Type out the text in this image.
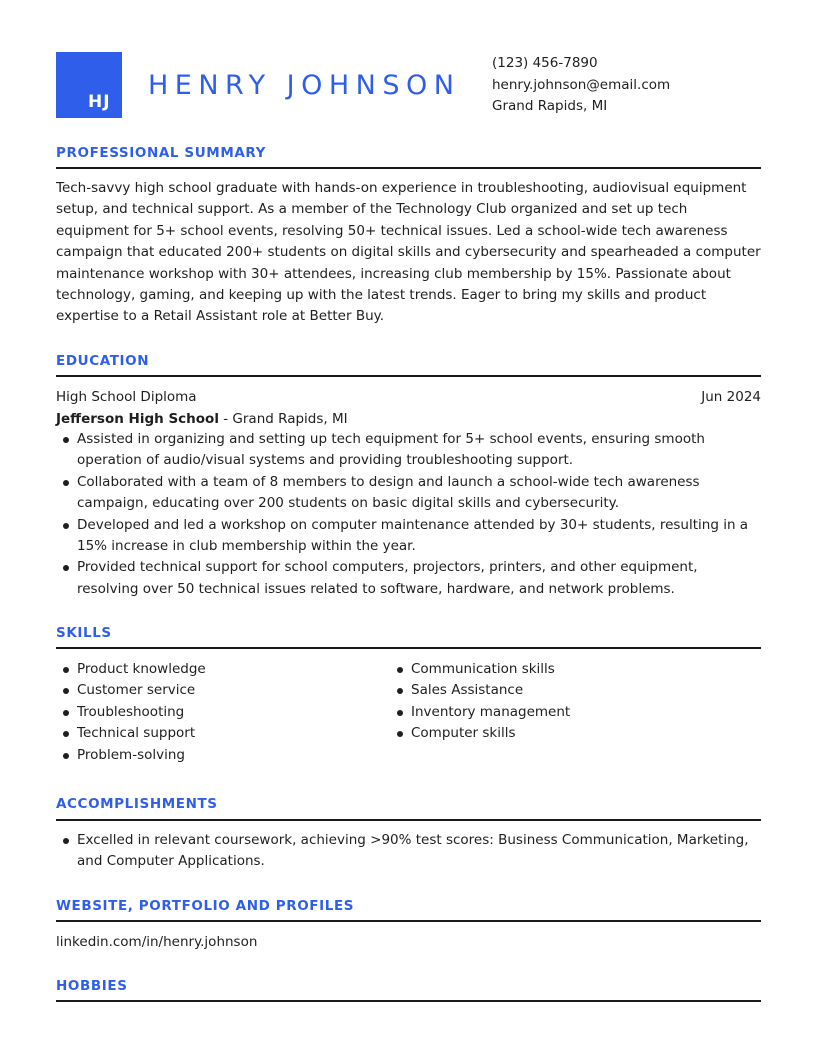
HJ
HENRY JOHNSON
(123) 456-7890
henry.johnson@email.com
Grand Rapids, MI
PROFESSIONAL SUMMARY

Tech-savvy high school graduate with hands-on experience in troubleshooting, audiovisual equipment setup, and technical support. As a member of the Technology Club organized and set up tech equipment for 5+ school events, resolving 50+ technical issues. Led a school-wide tech awareness campaign that educated 200+ students on digital skills and cybersecurity and spearheaded a computer maintenance workshop with 30+ attendees, increasing club membership by 15%. Passionate about technology, gaming, and keeping up with the latest trends. Eager to bring my skills and product expertise to a Retail Assistant role at Better Buy.

EDUCATION
High School Diploma	Jun 2024
Jefferson High School - Grand Rapids, MI
Assisted in organizing and setting up tech equipment for 5+ school events, ensuring smooth operation of audio/visual systems and providing troubleshooting support.
Collaborated with a team of 8 members to design and launch a school-wide tech awareness campaign, educating over 200 students on basic digital skills and cybersecurity.
Developed and led a workshop on computer maintenance attended by 30+ students, resulting in a 15% increase in club membership within the year.
Provided technical support for school computers, projectors, printers, and other equipment, resolving over 50 technical issues related to software, hardware, and network problems.
SKILLS
Product knowledge
Customer service
Troubleshooting
Technical support
Problem-solving
Communication skills
Sales Assistance
Inventory management
Computer skills
ACCOMPLISHMENTS
Excelled in relevant coursework, achieving >90% test scores: Business Communication, Marketing, and Computer Applications.
WEBSITE, PORTFOLIO AND PROFILES
linkedin.com/in/henry.johnson
HOBBIES
